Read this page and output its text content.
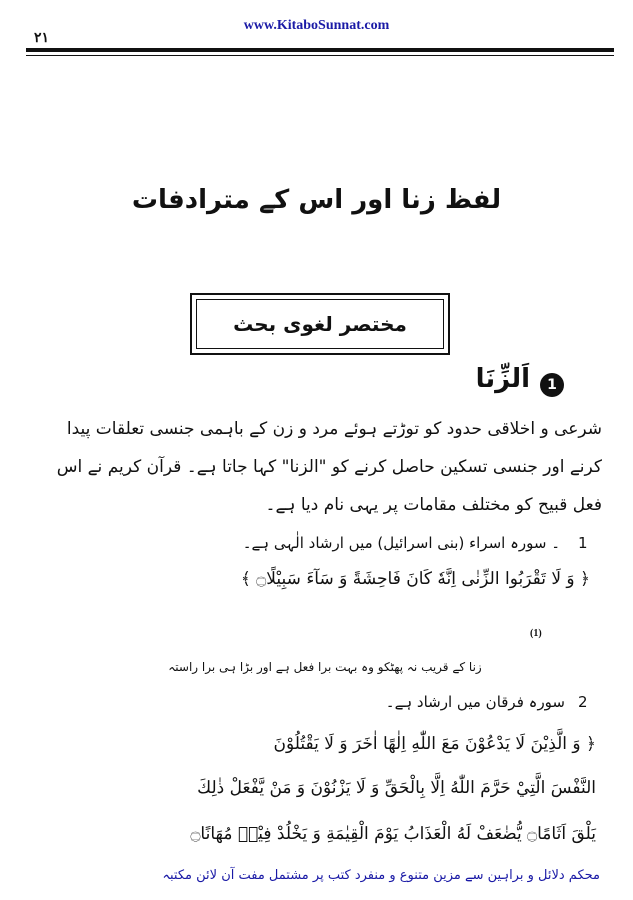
www.KitaboSunnat.com
۲۱
لفظ زنا اور اس کے مترادفات
مختصر لغوی بحث
1
اَلزِّنَا
شرعی و اخلاقی حدود کو توڑتے ہوئے مرد و زن کے باہمی جنسی تعلقات پیدا
کرنے اور جنسی تسکین حاصل کرنے کو "الزنا" کہا جاتا ہے۔ قرآن کریم نے اس
فعل قبیح کو مختلف مقامات پر یہی نام دیا ہے۔
۔ سورہ اسراء (بنی اسرائیل) میں ارشاد الٰہی ہے۔ 1
﴿ وَ لَا تَقْرَبُوا الزِّنٰى اِنَّهٗ كَانَ فَاحِشَةً وَ سَآءَ سَبِيْلًا۝ ﴾
(1)
زنا کے قریب نہ پھٹکو وہ بہت برا فعل ہے اور بڑا ہی برا راستہ
سورہ فرقان میں ارشاد ہے۔ 2
﴿ وَ الَّذِيْنَ لَا يَدْعُوْنَ مَعَ اللّٰهِ اِلٰهًا اٰخَرَ وَ لَا يَقْتُلُوْنَ
النَّفْسَ الَّتِيْ حَرَّمَ اللّٰهُ اِلَّا بِالْحَقِّ وَ لَا يَزْنُوْنَ وَ مَنْ يَّفْعَلْ ذٰلِكَ
يَلْقَ اَثَامًا۝ يُّضٰعَفْ لَهُ الْعَذَابُ يَوْمَ الْقِيٰمَةِ وَ يَخْلُدْ فِيْهٖ مُهَانًا۝
محکم دلائل و براہین سے مزین متنوع و منفرد کتب پر مشتمل مفت آن لائن مکتبہ
